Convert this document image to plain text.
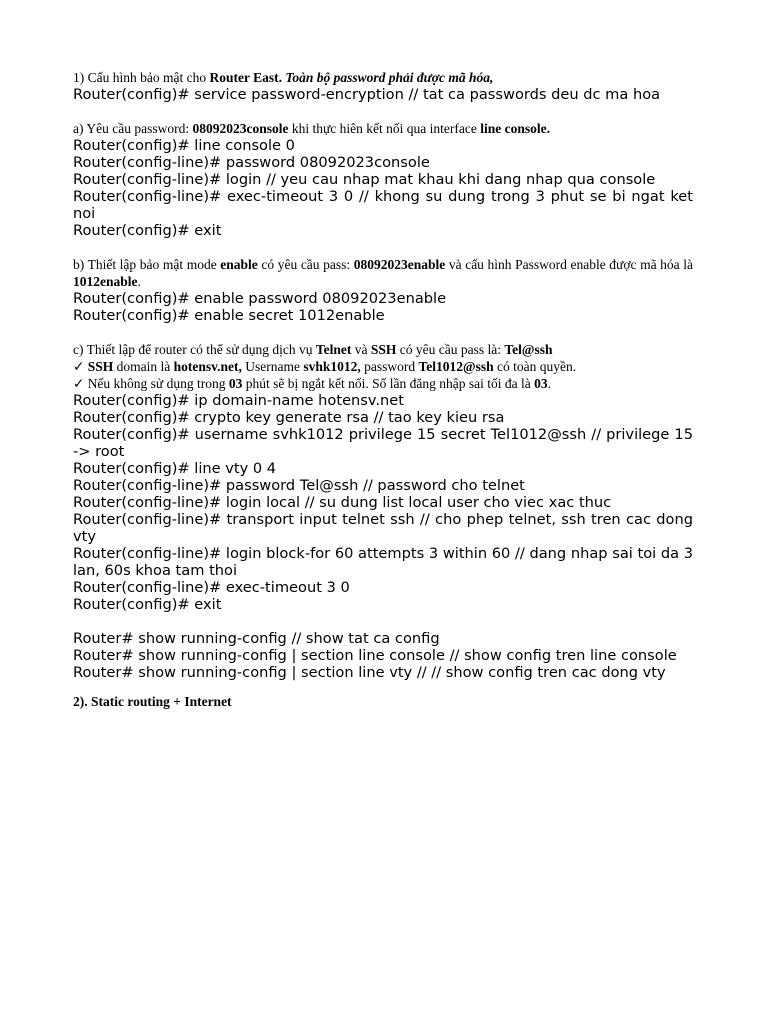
1) Cấu hình bảo mật cho Router East. Toàn bộ password phải được mã hóa,
Router(config)# service password-encryption // tat ca passwords deu dc ma hoa
a) Yêu cầu password: 08092023console khi thực hiên kết nối qua interface line console.
Router(config)# line console 0
Router(config-line)# password 08092023console
Router(config-line)# login // yeu cau nhap mat khau khi dang nhap qua console
Router(config-line)# exec-timeout 3 0 // khong su dung trong 3 phut se bi ngat ket noi
Router(config)# exit
b) Thiết lập bảo mật mode enable có yêu cầu pass: 08092023enable và cấu hình Password enable được mã hóa là 1012enable.
Router(config)# enable password 08092023enable
Router(config)# enable secret 1012enable
c) Thiết lập để router có thể sử dụng dịch vụ Telnet và SSH có yêu cầu pass là: Tel@ssh
✓ SSH domain là hotensv.net, Username svhk1012, password Tel1012@ssh có toàn quyền.
✓ Nếu không sử dụng trong 03 phút sẽ bị ngắt kết nối. Số lần đăng nhập sai tối đa là 03.
Router(config)# ip domain-name hotensv.net
Router(config)# crypto key generate rsa // tao key kieu rsa
Router(config)# username svhk1012 privilege 15 secret Tel1012@ssh // privilege 15 -> root
Router(config)# line vty 0 4
Router(config-line)# password Tel@ssh // password cho telnet
Router(config-line)# login local // su dung list local user cho viec xac thuc
Router(config-line)# transport input telnet ssh // cho phep telnet, ssh tren cac dong vty
Router(config-line)# login block-for 60 attempts 3 within 60 // dang nhap sai toi da 3 lan, 60s khoa tam thoi
Router(config-line)# exec-timeout 3 0
Router(config)# exit
Router# show running-config // show tat ca config
Router# show running-config | section line console // show config tren line console
Router# show running-config | section line vty // // show config tren cac dong vty
2). Static routing + Internet
